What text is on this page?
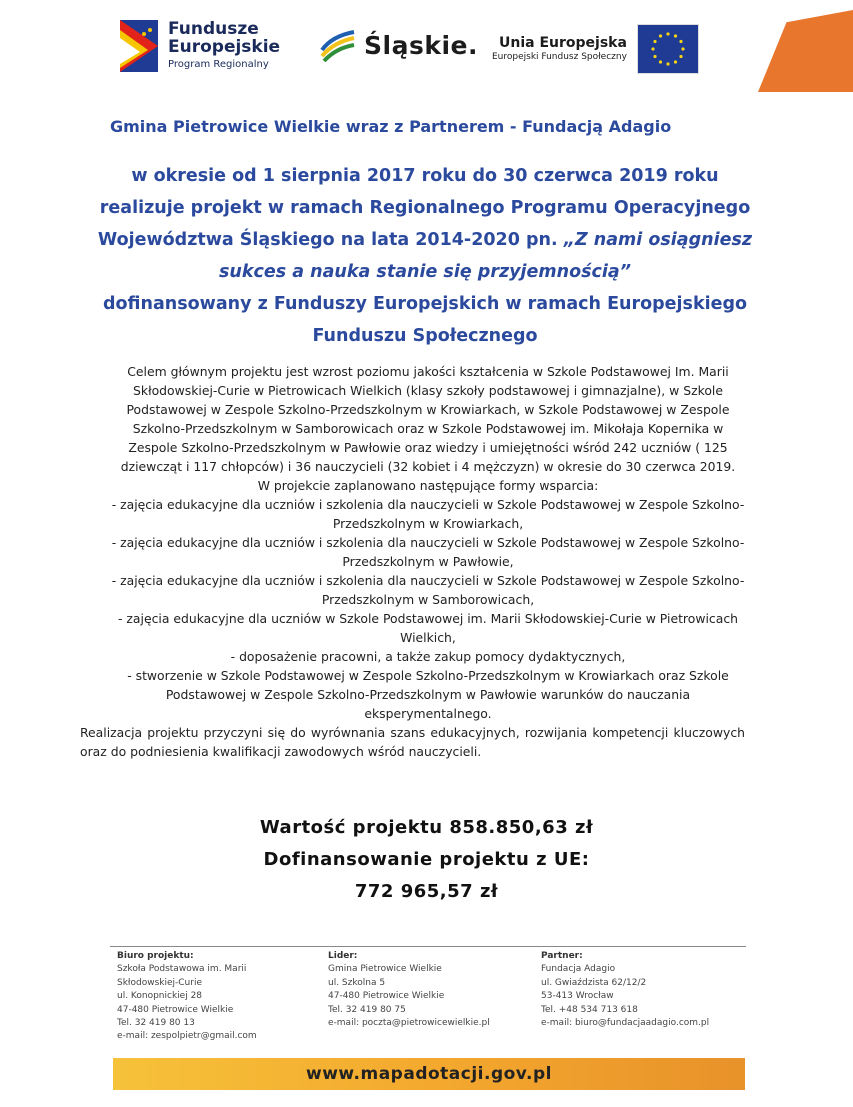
Fundusze
Europejskie
Program Regionalny
Śląskie.	Unia Europejska
Europejski Fundusz Społeczny
Gmina Pietrowice Wielkie wraz z Partnerem - Fundacją Adagio
w okresie od 1 sierpnia 2017 roku do 30 czerwca 2019 roku
realizuje projekt w ramach Regionalnego Programu Operacyjnego
Województwa Śląskiego na lata 2014-2020 pn. „Z nami osiągniesz
sukces a nauka stanie się przyjemnością”
dofinansowany z Funduszy Europejskich w ramach Europejskiego
Funduszu Społecznego

Celem głównym projektu jest wzrost poziomu jakości kształcenia w Szkole Podstawowej Im. Marii Skłodowskiej-Curie w Pietrowicach Wielkich (klasy szkoły podstawowej i gimnazjalne), w Szkole Podstawowej w Zespole Szkolno-Przedszkolnym w Krowiarkach, w Szkole Podstawowej w Zespole Szkolno-Przedszkolnym w Samborowicach oraz w Szkole Podstawowej im. Mikołaja Kopernika w Zespole Szkolno-Przedszkolnym w Pawłowie oraz wiedzy i umiejętności wśród 242 uczniów ( 125 dziewcząt i 117 chłopców) i 36 nauczycieli (32 kobiet i 4 mężczyzn) w okresie do 30 czerwca 2019.

W projekcie zaplanowano następujące formy wsparcia:

- zajęcia edukacyjne dla uczniów i szkolenia dla nauczycieli w Szkole Podstawowej w Zespole Szkolno-Przedszkolnym w Krowiarkach,

- zajęcia edukacyjne dla uczniów i szkolenia dla nauczycieli w Szkole Podstawowej w Zespole Szkolno-Przedszkolnym w Pawłowie,

- zajęcia edukacyjne dla uczniów i szkolenia dla nauczycieli w Szkole Podstawowej w Zespole Szkolno-Przedszkolnym w Samborowicach,

- zajęcia edukacyjne dla uczniów w Szkole Podstawowej im. Marii Skłodowskiej-Curie w Pietrowicach Wielkich,

- doposażenie pracowni, a także zakup pomocy dydaktycznych,

- stworzenie w Szkole Podstawowej w Zespole Szkolno-Przedszkolnym w Krowiarkach oraz Szkole Podstawowej w Zespole Szkolno-Przedszkolnym w Pawłowie warunków do nauczania eksperymentalnego.

Realizacja projektu przyczyni się do wyrównania szans edukacyjnych, rozwijania kompetencji kluczowych oraz do podniesienia kwalifikacji zawodowych wśród nauczycieli.

Wartość projektu 858.850,63 zł
Dofinansowanie projektu z UE:
772 965,57 zł
Biuro projektu:
Szkoła Podstawowa im. Marii
Skłodowskiej-Curie
ul. Konopnickiej 28
47-480 Pietrowice Wielkie
Tel. 32 419 80 13
e-mail: zespolpietr@gmail.com
Lider:
Gmina Pietrowice Wielkie
ul. Szkolna 5
47-480 Pietrowice Wielkie
Tel. 32 419 80 75
e-mail: poczta@pietrowicewielkie.pl
Partner:
Fundacja Adagio
ul. Gwiaździsta 62/12/2
53-413 Wrocław
Tel. +48 534 713 618
e-mail: biuro@fundacjaadagio.com.pl
www.mapadotacji.gov.pl
